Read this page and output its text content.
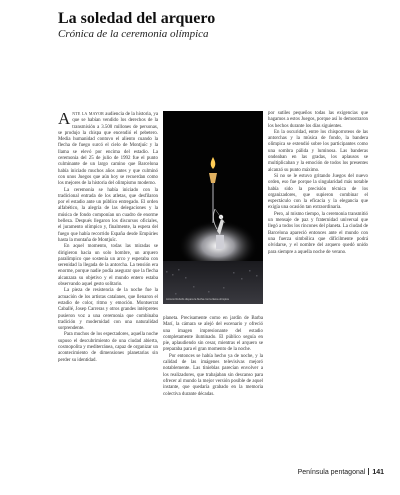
La soledad del arquero
Crónica de la ceremonia olímpica

Ante la mayor audiencia de la historia, ya que se habían vendido los derechos de la transmisión a 3.500 millones de personas, se produjo la chispa que encendió el pebetero. Media humanidad contuvo el aliento cuando la flecha de fuego surcó el cielo de Montjuïc y la llama se elevó por encima del estadio. La ceremonia del 25 de julio de 1992 fue el punto culminante de un largo camino que Barcelona había iniciado muchos años antes y que culminó con unos Juegos que aún hoy se recuerdan como los mejores de la historia del olimpismo moderno.

La ceremonia se había iniciado con la tradicional entrada de los atletas, que desfilaron por el estadio ante un público entregado. El orden alfabético, la alegría de las delegaciones y la música de fondo componían un cuadro de enorme belleza. Después llegaron los discursos oficiales, el juramento olímpico y, finalmente, la espera del fuego que había recorrido España desde Empúries hasta la montaña de Montjuïc.

En aquel momento, todas las miradas se dirigieron hacia un solo hombre, un arquero paralímpico que sostenía un arco y esperaba con serenidad la llegada de la antorcha. La tensión era enorme, porque nadie podía asegurar que la flecha alcanzara su objetivo y el mundo entero estaba observando aquel gesto solitario.

La pieza de resistencia de la noche fue la actuación de los artistas catalanes, que llenaron el estadio de color, ritmo y emoción. Montserrat Caballé, Josep Carreras y otros grandes intérpretes pusieron voz a una ceremonia que combinaba tradición y modernidad con una naturalidad sorprendente.

Para muchos de los espectadores, aquella noche supuso el descubrimiento de una ciudad abierta, cosmopolita y mediterránea, capaz de organizar un acontecimiento de dimensiones planetarias sin perder su identidad.

Antonio Rebollo dispara la flecha con la llama olímpica

planeta. Precisamente como en jardín de Barba Marí, la cámara se alejó del escenario y ofreció una imagen impresionante del estadio completamente iluminado. El público seguía en pie, aplaudiendo sin cesar, mientras el arquero se preparaba para el gran momento de la noche.

Por entonces se había hecho ya de noche, y la calidad de las imágenes televisivas mejoró notablemente. Las tinieblas parecían envolver a los realizadores, que trabajaban sin descanso para ofrecer al mundo la mejor versión posible de aquel instante, que quedaría grabado en la memoria colectiva durante décadas.

por sutiles pequeños todas las exigencias que hagamos a estos Juegos, porque así lo demostraron los hechos durante los días siguientes.

En la oscuridad, entre los chisporroteos de las antorchas y la música de fondo, la bandera olímpica se extendió sobre los participantes como una sombra pálida y luminosa. Las banderas ondeaban en las gradas, los aplausos se multiplicaban y la emoción de todos los presentes alcanzó su punto máximo.

Si no se le estuvo gritando Juegos del nuevo orden, eso fue porque la singularidad más notable había sido la precisión técnica de los organizadores, que supieron combinar el espectáculo con la eficacia y la elegancia que exigía una ocasión tan extraordinaria.

Pero, al mismo tiempo, la ceremonia transmitió un mensaje de paz y fraternidad universal que llegó a todos los rincones del planeta. La ciudad de Barcelona apareció entonces ante el mundo con una fuerza simbólica que difícilmente podrá olvidarse, y el nombre del arquero quedó unido para siempre a aquella noche de verano.

Península pentagonal 141
